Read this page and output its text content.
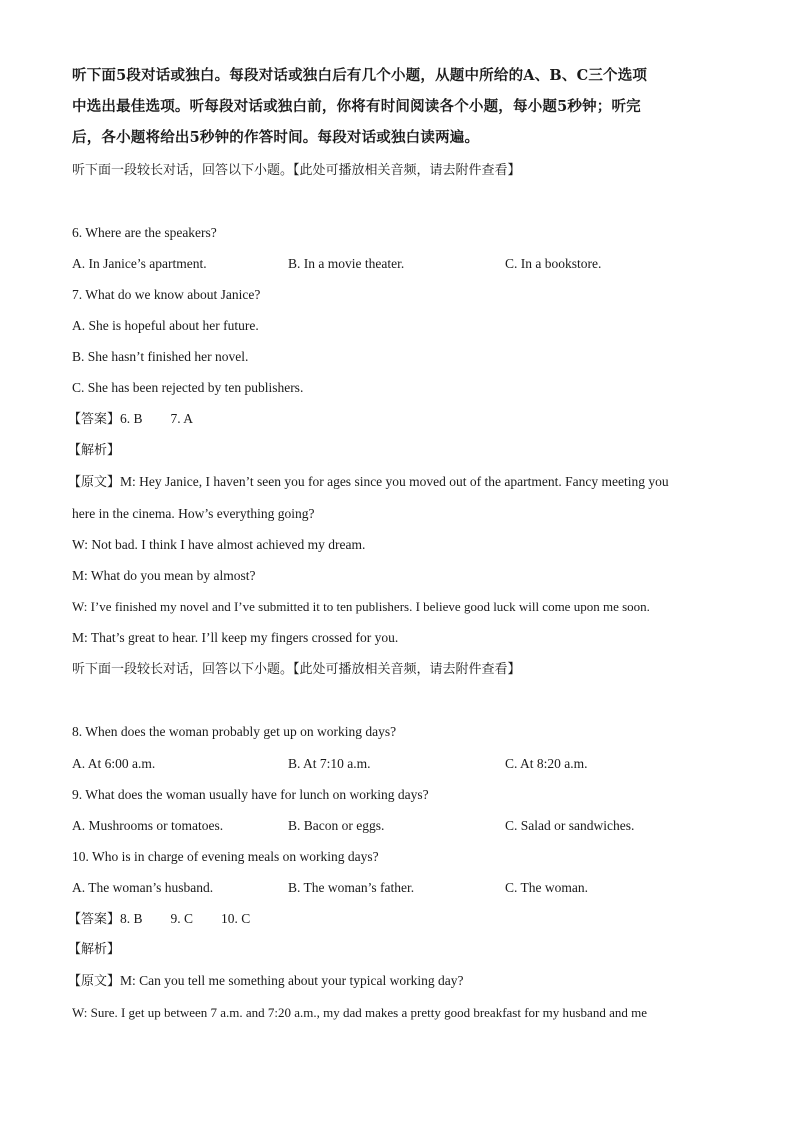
听下面5段对话或独白。每段对话或独白后有几个小题，从题中所给的A、B、C三个选项
中选出最佳选项。听每段对话或独白前，你将有时间阅读各个小题，每小题5秒钟；听完
后，各小题将给出5秒钟的作答时间。每段对话或独白读两遍。
听下面一段较长对话，回答以下小题。【此处可播放相关音频，请去附件查看】
6. Where are the speakers?
A. In Janice’s apartment.	B. In a movie theater.	C. In a bookstore.
7. What do we know about Janice?
A. She is hopeful about her future.
B. She hasn’t finished her novel.
C. She has been rejected by ten publishers.
【答案】6. B 7. A
【解析】
【原文】M: Hey Janice, I haven’t seen you for ages since you moved out of the apartment. Fancy meeting you
here in the cinema. How’s everything going?
W: Not bad. I think I have almost achieved my dream.
M: What do you mean by almost?
W: I’ve finished my novel and I’ve submitted it to ten publishers. I believe good luck will come upon me soon.
M: That’s great to hear. I’ll keep my fingers crossed for you.
听下面一段较长对话，回答以下小题。【此处可播放相关音频，请去附件查看】
8. When does the woman probably get up on working days?
A. At 6:00 a.m.	B. At 7:10 a.m.	C. At 8:20 a.m.
9. What does the woman usually have for lunch on working days?
A. Mushrooms or tomatoes.	B. Bacon or eggs.	C. Salad or sandwiches.
10. Who is in charge of evening meals on working days?
A. The woman’s husband.	B. The woman’s father.	C. The woman.
【答案】8. B 9. C 10. C
【解析】
【原文】M: Can you tell me something about your typical working day?
W: Sure. I get up between 7 a.m. and 7:20 a.m., my dad makes a pretty good breakfast for my husband and me
